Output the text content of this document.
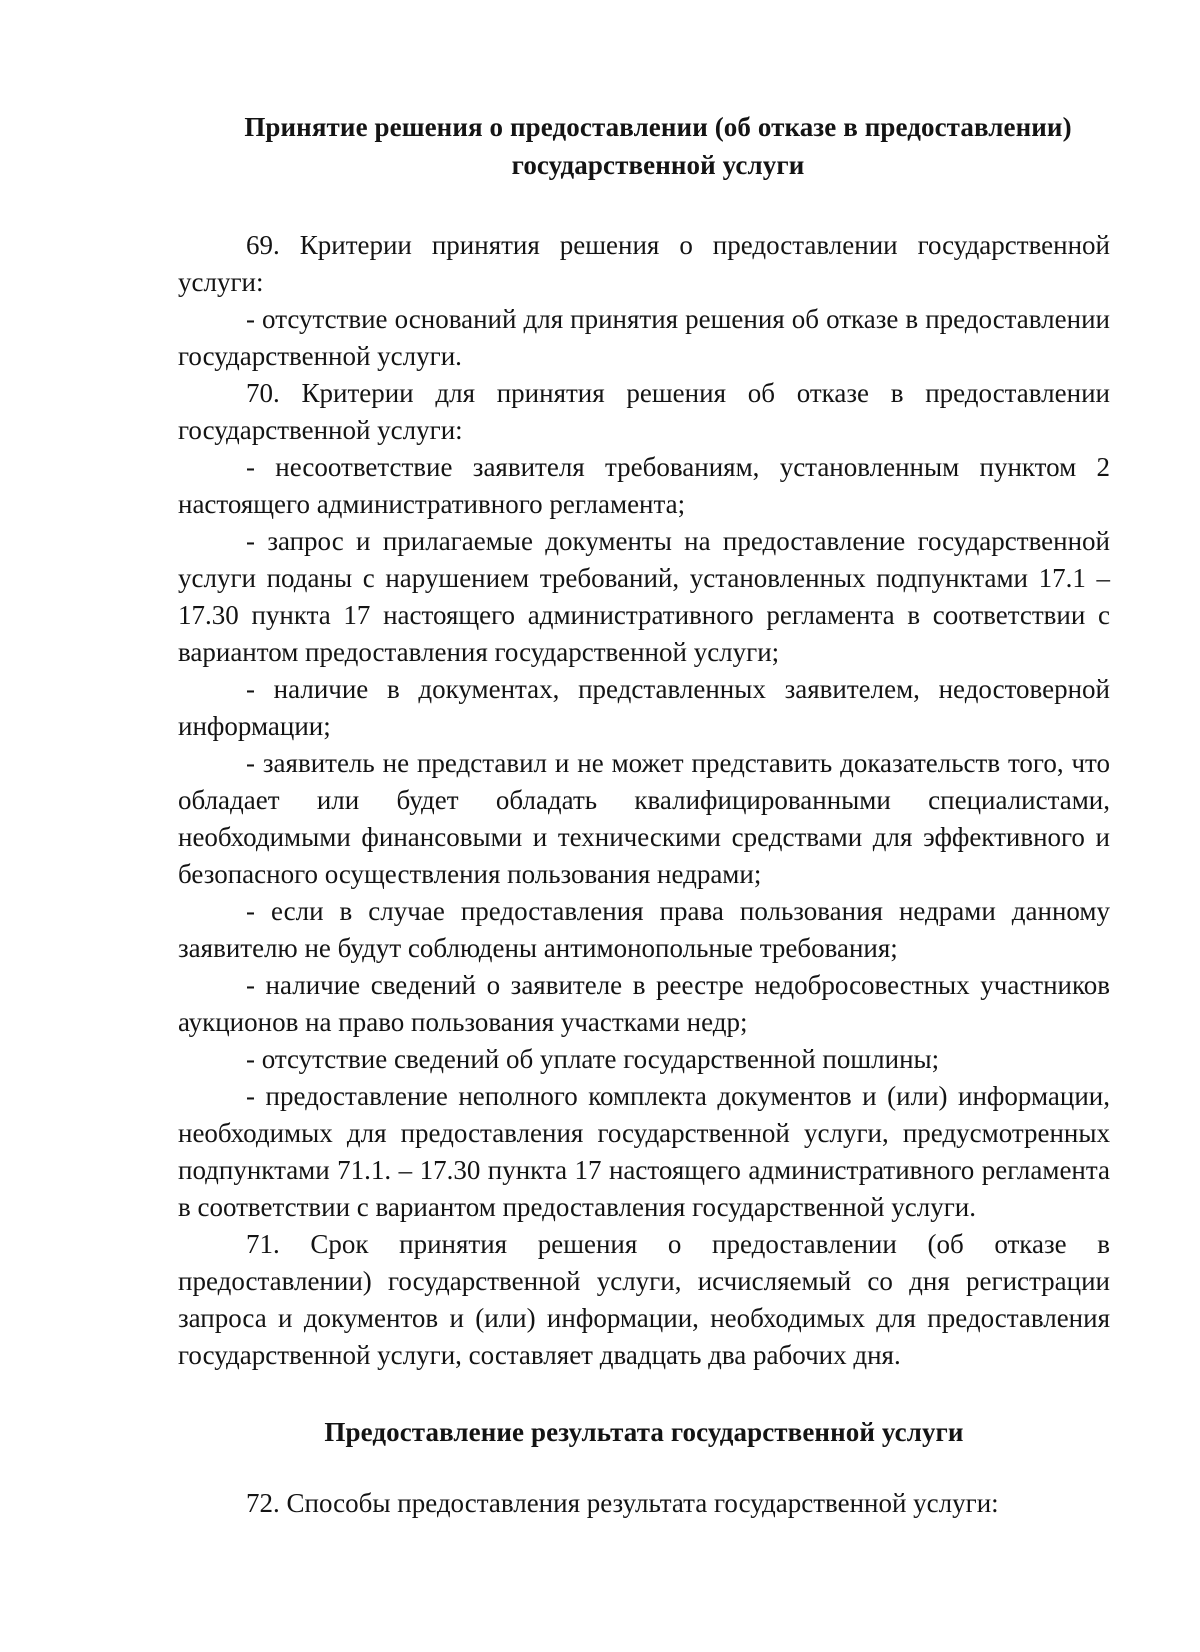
Принятие решения о предоставлении (об отказе в предоставлении)
государственной услуги

69. Критерии принятия решения о предоставлении государственной услуги:

- отсутствие оснований для принятия решения об отказе в предоставлении государственной услуги.

70. Критерии для принятия решения об отказе в предоставлении государственной услуги:

- несоответствие заявителя требованиям, установленным пунктом 2 настоящего административного регламента;

- запрос и прилагаемые документы на предоставление государственной услуги поданы с нарушением требований, установленных подпунктами 17.1 – 17.30 пункта 17 настоящего административного регламента в соответствии с вариантом предоставления государственной услуги;

- наличие в документах, представленных заявителем, недостоверной информации;

- заявитель не представил и не может представить доказательств того, что обладает или будет обладать квалифицированными специалистами, необходимыми финансовыми и техническими средствами для эффективного и безопасного осуществления пользования недрами;

- если в случае предоставления права пользования недрами данному заявителю не будут соблюдены антимонопольные требования;

- наличие сведений о заявителе в реестре недобросовестных участников аукционов на право пользования участками недр;

- отсутствие сведений об уплате государственной пошлины;

- предоставление неполного комплекта документов и (или) информации, необходимых для предоставления государственной услуги, предусмотренных подпунктами 71.1. – 17.30 пункта 17 настоящего административного регламента в соответствии с вариантом предоставления государственной услуги.

71. Срок принятия решения о предоставлении (об отказе в предоставлении) государственной услуги, исчисляемый со дня регистрации запроса и документов и (или) информации, необходимых для предоставления государственной услуги, составляет двадцать два рабочих дня.

Предоставление результата государственной услуги

72. Способы предоставления результата государственной услуги:
